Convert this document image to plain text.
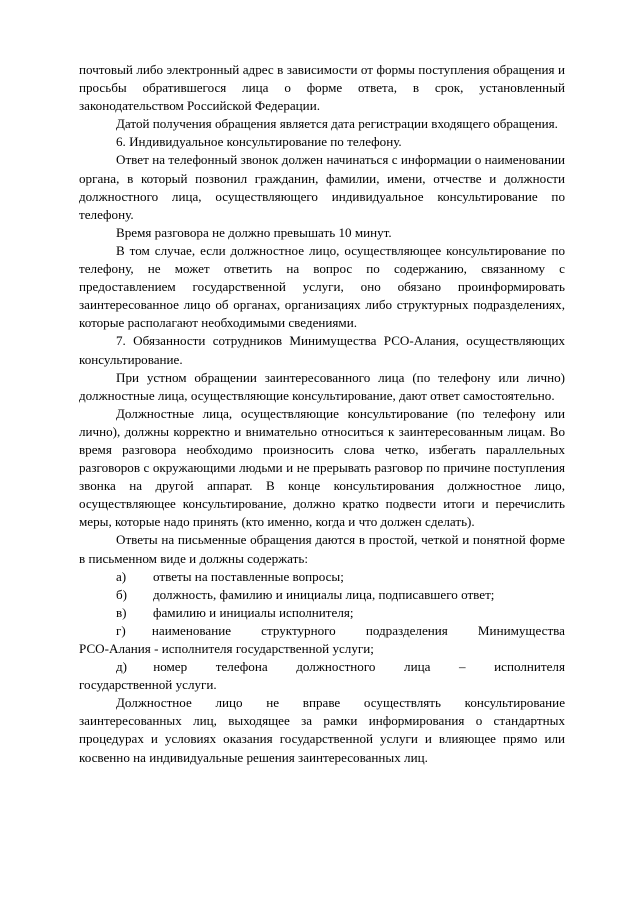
почтовый либо электронный адрес в зависимости от формы поступления обращения и просьбы обратившегося лица о форме ответа, в срок, установленный законодательством Российской Федерации.

Датой получения обращения является дата регистрации входящего обращения.

6. Индивидуальное консультирование по телефону.

Ответ на телефонный звонок должен начинаться с информации о наименовании органа, в который позвонил гражданин, фамилии, имени, отчестве и должности должностного лица, осуществляющего индивидуальное консультирование по телефону.

Время разговора не должно превышать 10 минут.

В том случае, если должностное лицо, осуществляющее консультирование по телефону, не может ответить на вопрос по содержанию, связанному с предоставлением государственной услуги, оно обязано проинформировать заинтересованное лицо об органах, организациях либо структурных подразделениях, которые располагают необходимыми сведениями.

7. Обязанности сотрудников Минимущества РСО-Алания, осуществляющих консультирование.

При устном обращении заинтересованного лица (по телефону или лично) должностные лица, осуществляющие консультирование, дают ответ самостоятельно.

Должностные лица, осуществляющие консультирование (по телефону или лично), должны корректно и внимательно относиться к заинтересованным лицам. Во время разговора необходимо произносить слова четко, избегать параллельных разговоров с окружающими людьми и не прерывать разговор по причине поступления звонка на другой аппарат. В конце консультирования должностное лицо, осуществляющее консультирование, должно кратко подвести итоги и перечислить меры, которые надо принять (кто именно, когда и что должен сделать).

Ответы на письменные обращения даются в простой, четкой и понятной форме в письменном виде и должны содержать:

а)	ответы на поставленные вопросы;
б)	должность, фамилию и инициалы лица, подписавшего ответ;
в)	фамилию и инициалы исполнителя;
г)  наименование структурного подразделения Минимущества
РСО-Алания - исполнителя государственной услуги;
д)  номер телефона должностного лица – исполнителя
государственной услуги.

Должностное лицо не вправе осуществлять консультирование заинтересованных лиц, выходящее за рамки информирования о стандартных процедурах и условиях оказания государственной услуги и влияющее прямо или косвенно на индивидуальные решения заинтересованных лиц.
